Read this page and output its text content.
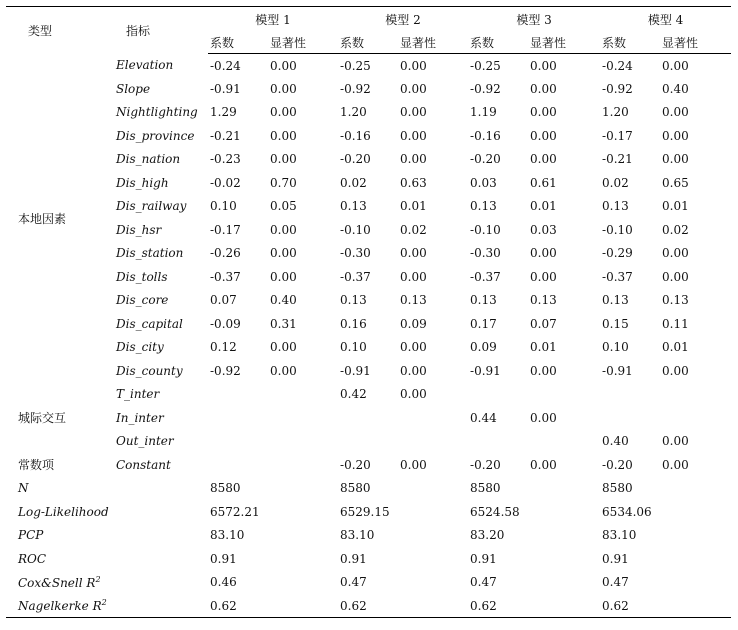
类型	指标	模型 1		模型 2		模型 3		模型 4	
		系数	显著性	系数	显著性	系数	显著性	系数	显著性
本地因素	Elevation	-0.24	0.00	-0.25	0.00	-0.25	0.00	-0.24	0.00
	Slope	-0.91	0.00	-0.92	0.00	-0.92	0.00	-0.92	0.40
	Nightlighting	1.29	0.00	1.20	0.00	1.19	0.00	1.20	0.00
	Dis_province	-0.21	0.00	-0.16	0.00	-0.16	0.00	-0.17	0.00
	Dis_nation	-0.23	0.00	-0.20	0.00	-0.20	0.00	-0.21	0.00
	Dis_high	-0.02	0.70	0.02	0.63	0.03	0.61	0.02	0.65
	Dis_railway	0.10	0.05	0.13	0.01	0.13	0.01	0.13	0.01
	Dis_hsr	-0.17	0.00	-0.10	0.02	-0.10	0.03	-0.10	0.02
	Dis_station	-0.26	0.00	-0.30	0.00	-0.30	0.00	-0.29	0.00
	Dis_tolls	-0.37	0.00	-0.37	0.00	-0.37	0.00	-0.37	0.00
	Dis_core	0.07	0.40	0.13	0.13	0.13	0.13	0.13	0.13
	Dis_capital	-0.09	0.31	0.16	0.09	0.17	0.07	0.15	0.11
	Dis_city	0.12	0.00	0.10	0.00	0.09	0.01	0.10	0.01
	Dis_county	-0.92	0.00	-0.91	0.00	-0.91	0.00	-0.91	0.00
城际交互	T_inter			0.42	0.00				
	In_inter					0.44	0.00		
	Out_inter							0.40	0.00
常数项	Constant			-0.20	0.00	-0.20	0.00	-0.20	0.00
N		8580		8580		8580		8580	
Log-Likelihood		6572.21		6529.15		6524.58		6534.06	
PCP		83.10		83.10		83.20		83.10	
ROC		0.91		0.91		0.91		0.91	
Cox&Snell $R^2$		0.46		0.47		0.47		0.47	
Nagelkerke $R^2$		0.62		0.62		0.62		0.62	
